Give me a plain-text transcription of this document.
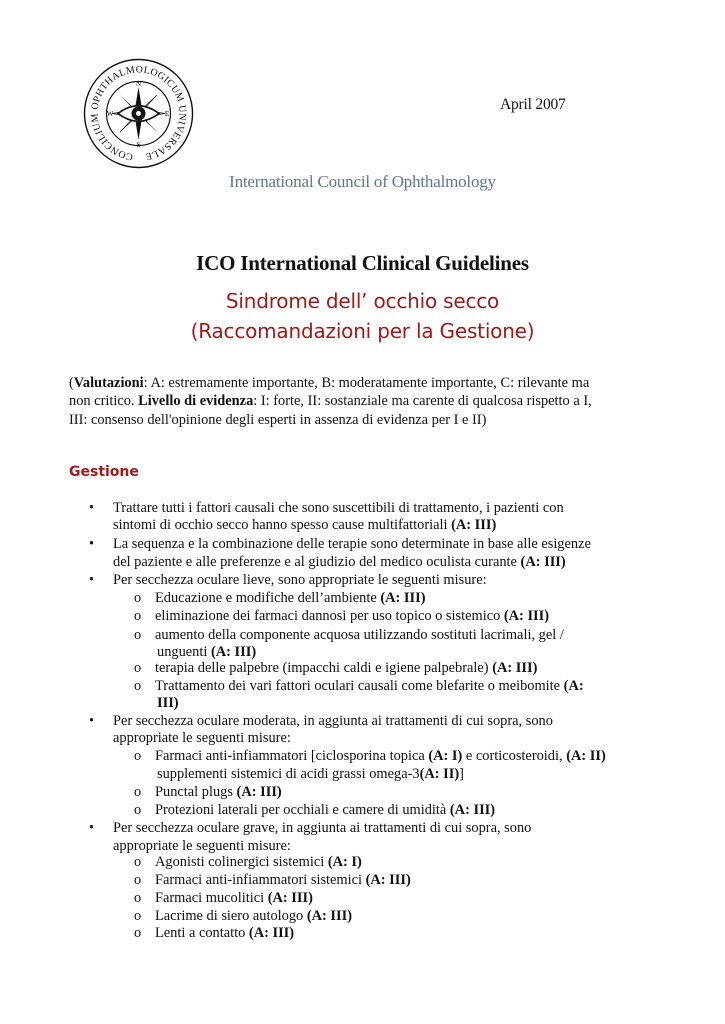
CONCILIUM OPHTHALMOLOGICUM UNIVERSALE
N
E
S
W
April 2007
International Council of Ophthalmology
ICO International Clinical Guidelines
Sindrome dell’ occhio secco
(Raccomandazioni per la Gestione)
(Valutazioni: A: estremamente importante, B: moderatamente importante, C: rilevante ma
non critico. Livello di evidenza: I: forte, II: sostanziale ma carente di qualcosa rispetto a I,
III: consenso dell'opinione degli esperti in assenza di evidenza per I e II)
Gestione
• Trattare tutti i fattori causali che sono suscettibili di trattamento, i pazienti con
sintomi di occhio secco hanno spesso cause multifattoriali (A: III)
• La sequenza e la combinazione delle terapie sono determinate in base alle esigenze
del paziente e alle preferenze e al giudizio del medico oculista curante (A: III)
• Per secchezza oculare lieve, sono appropriate le seguenti misure:
o Educazione e modifiche dell’ambiente (A: III)
o eliminazione dei farmaci dannosi per uso topico o sistemico (A: III)
o aumento della componente acquosa utilizzando sostituti lacrimali, gel /
unguenti (A: III)
o terapia delle palpebre (impacchi caldi e igiene palpebrale) (A: III)
o Trattamento dei vari fattori oculari causali come blefarite o meibomite (A:
III)
• Per secchezza oculare moderata, in aggiunta ai trattamenti di cui sopra, sono
appropriate le seguenti misure:
o Farmaci anti-infiammatori [ciclosporina topica (A: I) e corticosteroidi, (A: II)
supplementi sistemici di acidi grassi omega-3(A: II)]
o Punctal plugs (A: III)
o Protezioni laterali per occhiali e camere di umidità (A: III)
• Per secchezza oculare grave, in aggiunta ai trattamenti di cui sopra, sono
appropriate le seguenti misure:
o Agonisti colinergici sistemici (A: I)
o Farmaci anti-infiammatori sistemici (A: III)
o Farmaci mucolitici (A: III)
o Lacrime di siero autologo (A: III)
o Lenti a contatto (A: III)
